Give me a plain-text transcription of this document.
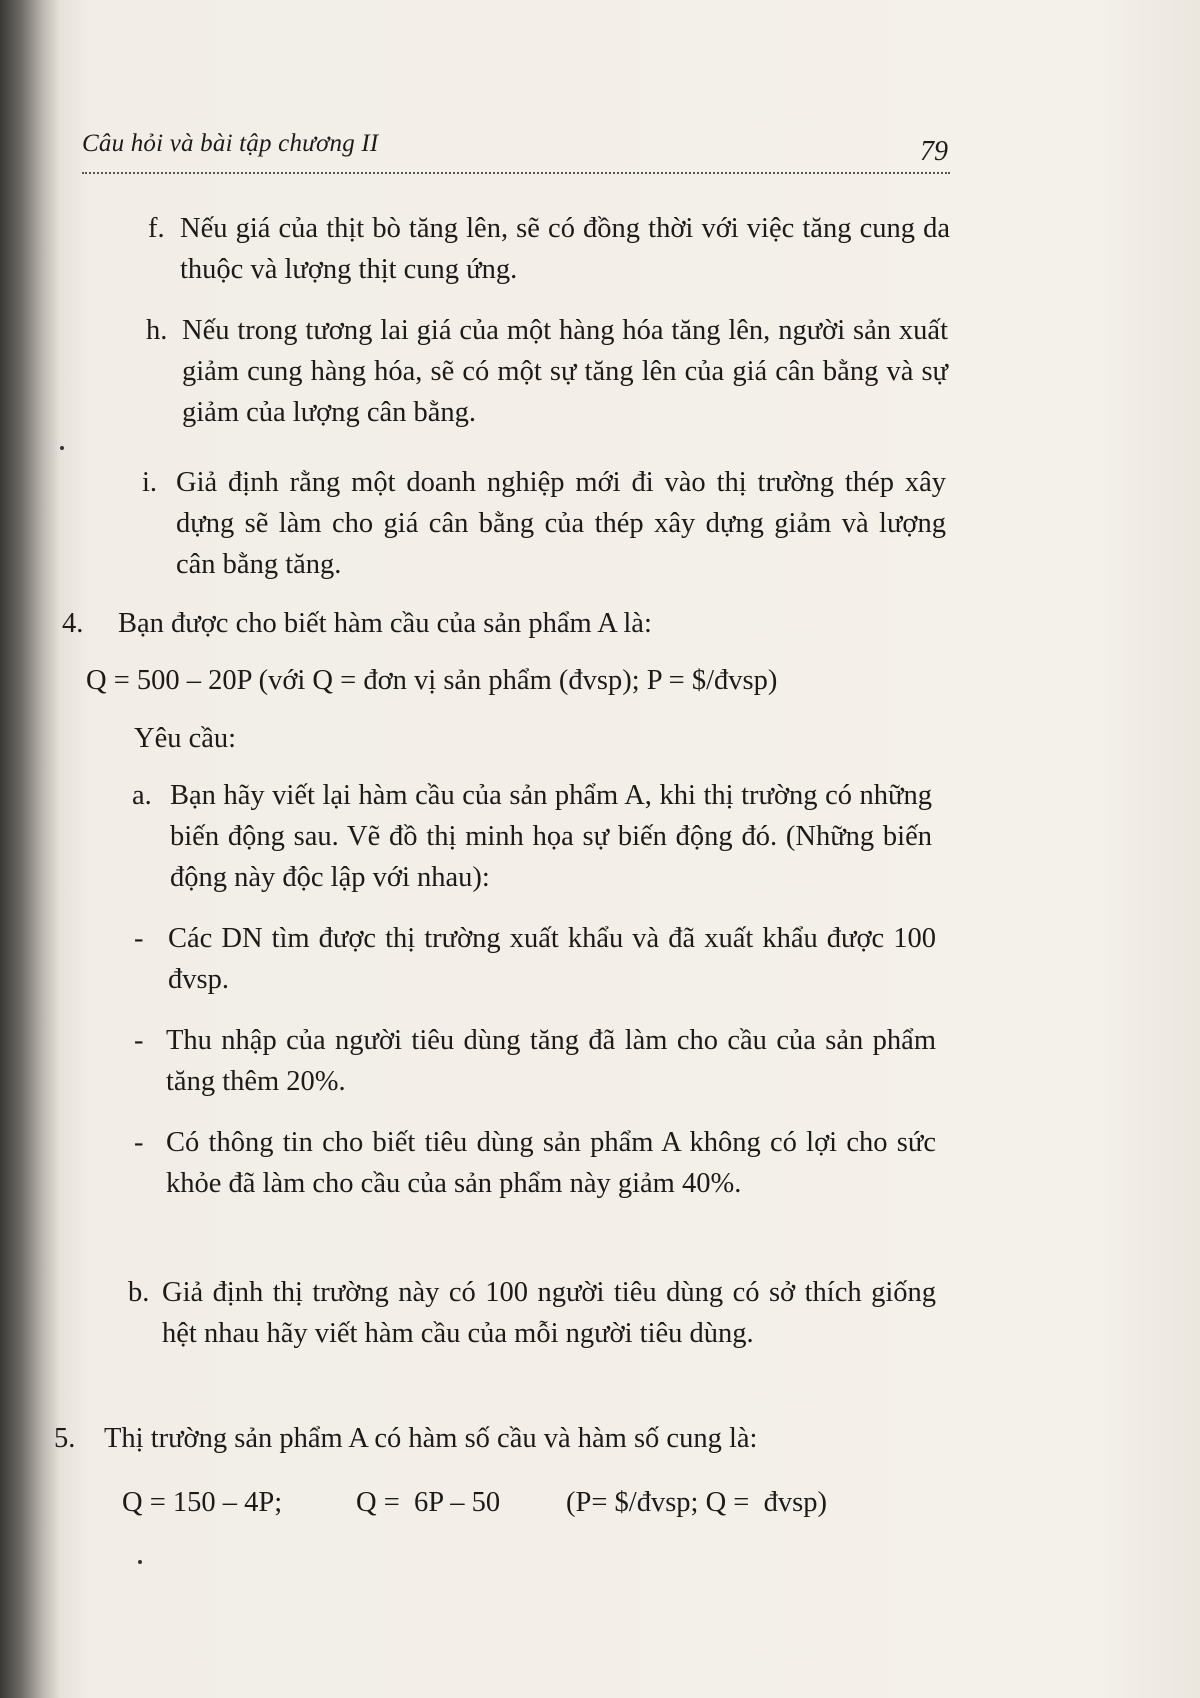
Câu hỏi và bài tập chương II	79
f. Nếu giá của thịt bò tăng lên, sẽ có đồng thời với việc tăng cung da thuộc và lượng thịt cung ứng.
h. Nếu trong tương lai giá của một hàng hóa tăng lên, người sản xuất giảm cung hàng hóa, sẽ có một sự tăng lên của giá cân bằng và sự giảm của lượng cân bằng.
i. Giả định rằng một doanh nghiệp mới đi vào thị trường thép xây dựng sẽ làm cho giá cân bằng của thép xây dựng giảm và lượng cân bằng tăng.
4. Bạn được cho biết hàm cầu của sản phẩm A là:
Q = 500 – 20P (với Q = đơn vị sản phẩm (đvsp); P = $/đvsp)
Yêu cầu:
a. Bạn hãy viết lại hàm cầu của sản phẩm A, khi thị trường có những biến động sau. Vẽ đồ thị minh họa sự biến động đó. (Những biến động này độc lập với nhau):
- Các DN tìm được thị trường xuất khẩu và đã xuất khẩu được 100 đvsp.
- Thu nhập của người tiêu dùng tăng đã làm cho cầu của sản phẩm tăng thêm 20%.
- Có thông tin cho biết tiêu dùng sản phẩm A không có lợi cho sức khỏe đã làm cho cầu của sản phẩm này giảm 40%.
b. Giả định thị trường này có 100 người tiêu dùng có sở thích giống hệt nhau hãy viết hàm cầu của mỗi người tiêu dùng.
5. Thị trường sản phẩm A có hàm số cầu và hàm số cung là:
Q = 150 – 4P;	Q =  6P – 50 (P= $/đvsp; Q =  đvsp)
